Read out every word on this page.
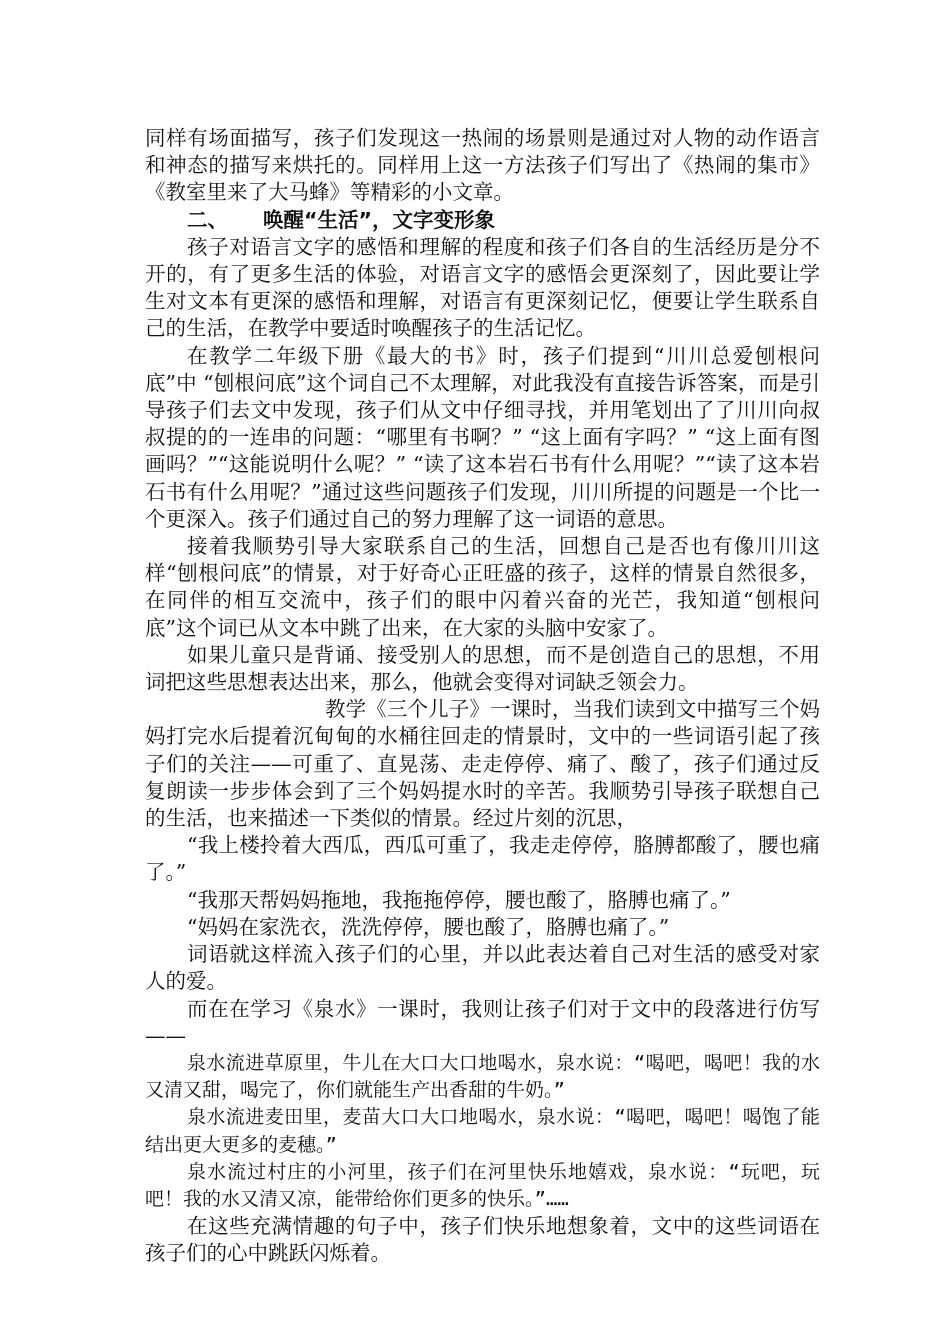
同样有场面描写，孩子们发现这一热闹的场景则是通过对人物的动作语言和神态的描写来烘托的。同样用上这一方法孩子们写出了《热闹的集市》《教室里来了大马蜂》等精彩的小文章。

二、 唤醒“生活”，文字变形象

孩子对语言文字的感悟和理解的程度和孩子们各自的生活经历是分不开的，有了更多生活的体验，对语言文字的感悟会更深刻了，因此要让学生对文本有更深的感悟和理解，对语言有更深刻记忆，便要让学生联系自己的生活，在教学中要适时唤醒孩子的生活记忆。

在教学二年级下册《最大的书》时，孩子们提到“川川总爱刨根问底”中 “刨根问底”这个词自己不太理解，对此我没有直接告诉答案，而是引导孩子们去文中发现，孩子们从文中仔细寻找，并用笔划出了了川川向叔叔提的的一连串的问题：“哪里有书啊？” “这上面有字吗？” “这上面有图画吗？”“这能说明什么呢？” “读了这本岩石书有什么用呢？”“读了这本岩石书有什么用呢？”通过这些问题孩子们发现，川川所提的问题是一个比一个更深入。孩子们通过自己的努力理解了这一词语的意思。

接着我顺势引导大家联系自己的生活，回想自己是否也有像川川这样“刨根问底”的情景，对于好奇心正旺盛的孩子，这样的情景自然很多，在同伴的相互交流中，孩子们的眼中闪着兴奋的光芒，我知道“刨根问底”这个词已从文本中跳了出来，在大家的头脑中安家了。

如果儿童只是背诵、接受别人的思想，而不是创造自己的思想，不用词把这些思想表达出来，那么，他就会变得对词缺乏领会力。

教学《三个儿子》一课时，当我们读到文中描写三个妈妈打完水后提着沉甸甸的水桶往回走的情景时，文中的一些词语引起了孩子们的关注——可重了、直晃荡、走走停停、痛了、酸了，孩子们通过反复朗读一步步体会到了三个妈妈提水时的辛苦。我顺势引导孩子联想自己的生活，也来描述一下类似的情景。经过片刻的沉思，

“我上楼拎着大西瓜，西瓜可重了，我走走停停，胳膊都酸了，腰也痛了。”

“我那天帮妈妈拖地，我拖拖停停，腰也酸了，胳膊也痛了。”

“妈妈在家洗衣，洗洗停停，腰也酸了，胳膊也痛了。”

词语就这样流入孩子们的心里，并以此表达着自己对生活的感受对家人的爱。

而在在学习《泉水》一课时，我则让孩子们对于文中的段落进行仿写——

泉水流进草原里，牛儿在大口大口地喝水，泉水说：“喝吧，喝吧！我的水又清又甜，喝完了，你们就能生产出香甜的牛奶。”

泉水流进麦田里，麦苗大口大口地喝水，泉水说：“喝吧，喝吧！喝饱了能结出更大更多的麦穗。”

泉水流过村庄的小河里，孩子们在河里快乐地嬉戏，泉水说：“玩吧，玩吧！我的水又清又凉，能带给你们更多的快乐。”……

在这些充满情趣的句子中，孩子们快乐地想象着，文中的这些词语在孩子们的心中跳跃闪烁着。
